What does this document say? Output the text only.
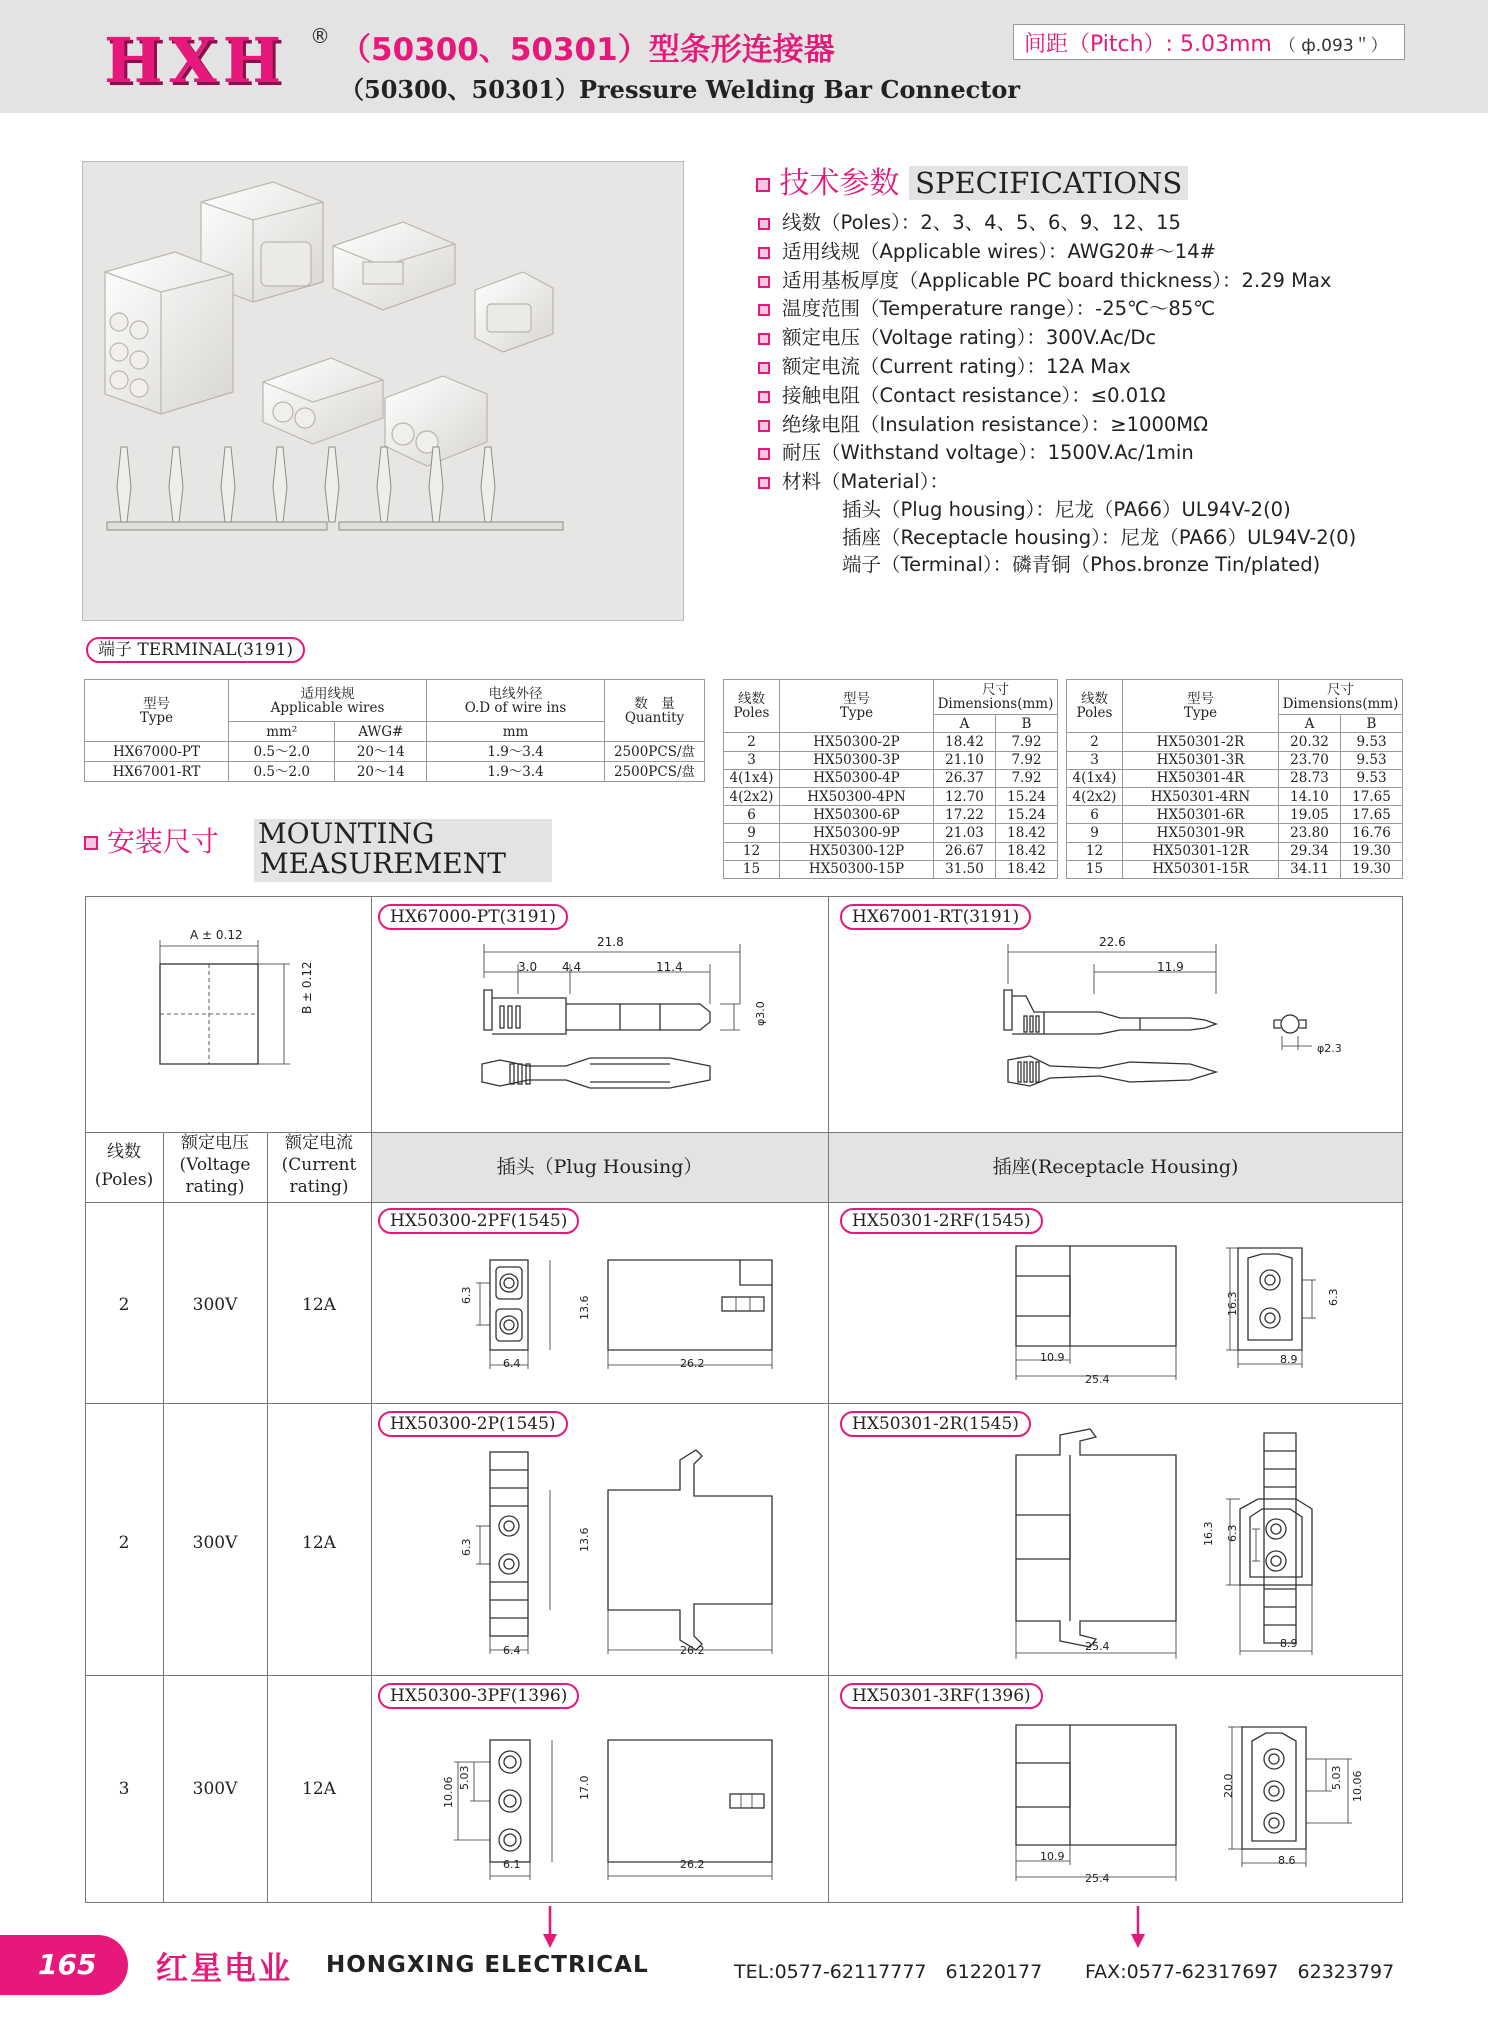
HXH ® （50300、50301）型条形连接器
（50300、50301）Pressure Welding Bar Connector
间距（Pitch）: 5.03mm （ ф.093＂）
技术参数 SPECIFICATIONS
线数（Poles）：2、3、4、5、6、9、12、15
适用线规（Applicable wires）：AWG20#～14#
适用基板厚度（Applicable PC board thickness）：2.29 Max
温度范围（Temperature range）：-25℃～85℃
额定电压（Voltage rating）：300V.Ac/Dc
额定电流（Current rating）：12A Max
接触电阻（Contact resistance）：≤0.01Ω
绝缘电阻（Insulation resistance）：≥1000MΩ
耐压（Withstand voltage）：1500V.Ac/1min
材料（Material）：
插头（Plug housing）：尼龙（PA66）UL94V-2(0)
插座（Receptacle housing）：尼龙（PA66）UL94V-2(0)
端子（Terminal）：磷青铜（Phos.bronze Tin/plated)
端子 TERMINAL(3191)
型号
Type	适用线规
Applicable wires		电线外径
O.D of wire ins	数　量
Quantity
	mm²	AWG#	mm	
HX67000-PT	0.5～2.0	20～14	1.9～3.4	2500PCS/盘
HX67001-RT	0.5～2.0	20～14	1.9～3.4	2500PCS/盘
线数
Poles	型号
Type	尺寸 Dimensions(mm)	
		A	B
2	HX50300-2P	18.42	7.92
3	HX50300-3P	21.10	7.92
4(1x4)	HX50300-4P	26.37	7.92
4(2x2)	HX50300-4PN	12.70	15.24
6	HX50300-6P	17.22	15.24
9	HX50300-9P	21.03	18.42
12	HX50300-12P	26.67	18.42
15	HX50300-15P	31.50	18.42
线数
Poles	型号
Type	尺寸 Dimensions(mm)	
		A	B
2	HX50301-2R	20.32	9.53
3	HX50301-3R	23.70	9.53
4(1x4)	HX50301-4R	28.73	9.53
4(2x2)	HX50301-4RN	14.10	17.65
6	HX50301-6R	19.05	17.65
9	HX50301-9R	23.80	16.76
12	HX50301-12R	29.34	19.30
15	HX50301-15R	34.11	19.30
安装尺寸 MOUNTING
MEASUREMENT
A ± 0.12
B ± 0.12
HX67000-PT(3191)	HX67001-RT(3191)
21.8
3.0 4.4	11.4
φ3.0
22.6
11.9
φ2.3
线数
(Poles)
额定电压
(Voltage
rating)
额定电流
(Current
rating)
插头（Plug Housing）	插座(Receptacle Housing)
2	300V	12A
2	300V	12A
3	300V	12A
HX50300-2PF(1545)	HX50301-2RF(1545)
HX50300-2P(1545)	HX50301-2R(1545)
HX50300-3PF(1396)	HX50301-3RF(1396)
6.3
6.4
13.6
26.2
16.3	6.3
10.9
25.4
8.9
6.3
6.4
13.6
26.2
16.3 6.3
25.4	8.9
10.06 5.03	17.0
6.1	26.2
20.0	5.03 10.06
10.9
25.4
8.6
165	红星电业 HONGXING ELECTRICAL	TEL:0577-62117777　61220177 FAX:0577-62317697　62323797
